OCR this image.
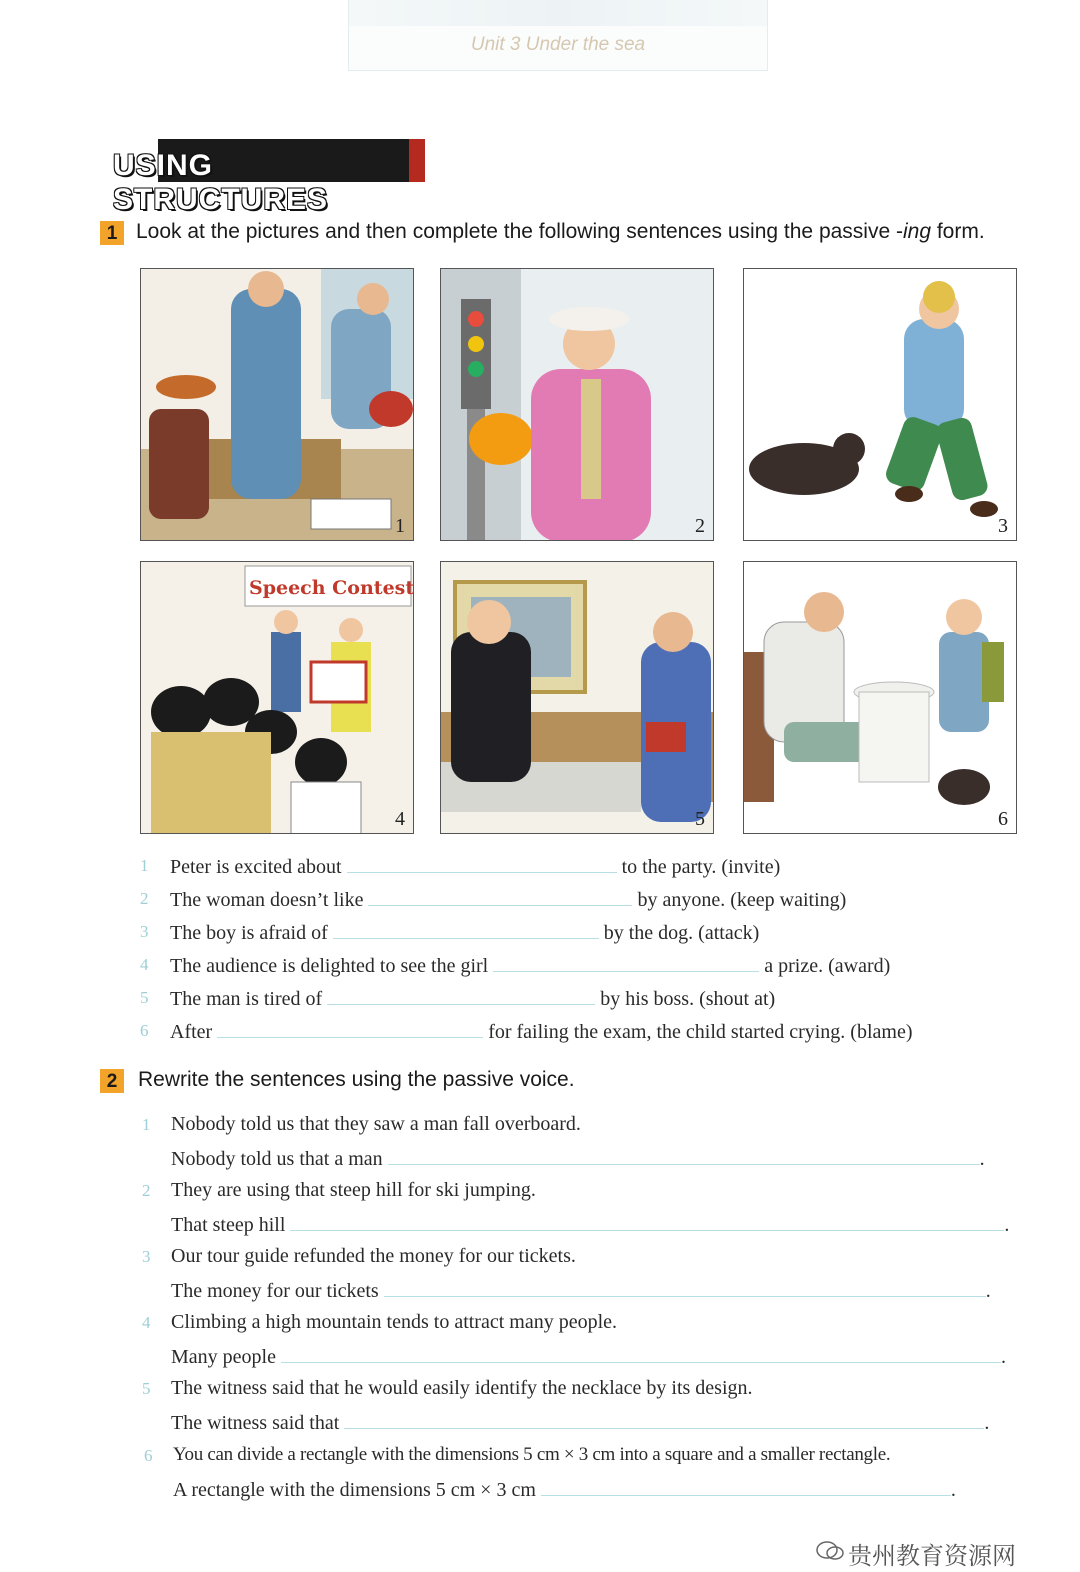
Unit 3 Under the sea
USING STRUCTURES
1 Look at the pictures and then complete the following sentences using the passive -ing form.
1	2	3
Speech Contest
4	5	6
1 Peter is excited about	to the party. (invite)
2 The woman doesn’t like	by anyone. (keep waiting)
3 The boy is afraid of	by the dog. (attack)
4 The audience is delighted to see the girl	a prize. (award)
5 The man is tired of	by his boss. (shout at)
6 After	for failing the exam, the child started crying. (blame)
2 Rewrite the sentences using the passive voice.
1 Nobody told us that they saw a man fall overboard.
Nobody told us that a man	.
2 They are using that steep hill for ski jumping.
That steep hill	.
3 Our tour guide refunded the money for our tickets.
The money for our tickets	.
4 Climbing a high mountain tends to attract many people.
Many people	.
5 The witness said that he would easily identify the necklace by its design.
The witness said that	.
6 You can divide a rectangle with the dimensions 5 cm × 3 cm into a square and a smaller rectangle.
A rectangle with the dimensions 5 cm × 3 cm	.
贵州教育资源网
